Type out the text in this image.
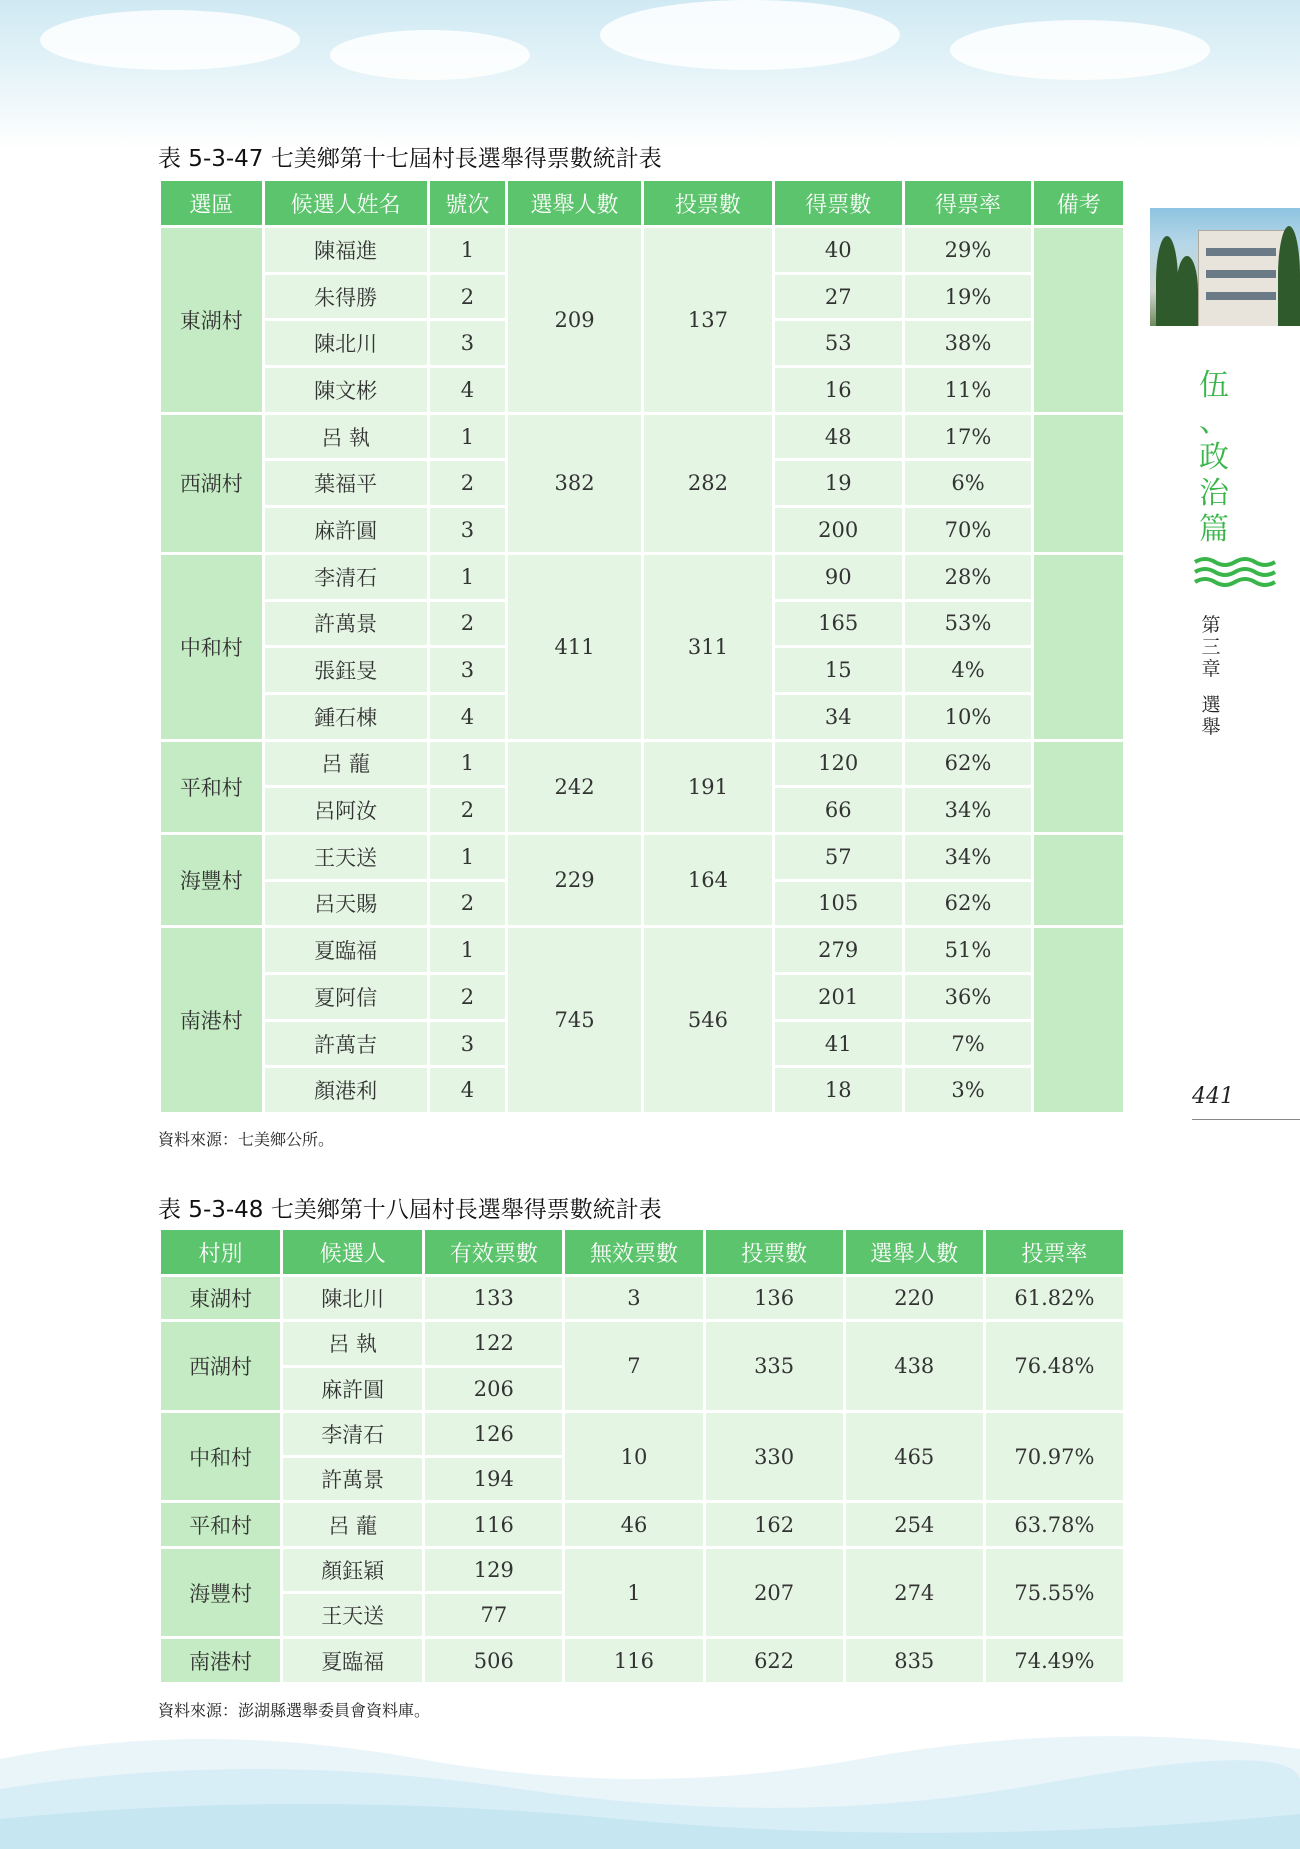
表 5-3-47 七美鄉第十七屆村長選舉得票數統計表
選區	候選人姓名	號次	選舉人數	投票數	得票數	得票率	備考
東湖村	陳福進	1	209	137	40	29%	
	朱得勝	2			27	19%	
	陳北川	3			53	38%	
	陳文彬	4			16	11%	
西湖村	呂 執	1	382	282	48	17%	
	葉福平	2			19	6%	
	麻許圓	3			200	70%	
中和村	李清石	1	411	311	90	28%	
	許萬景	2			165	53%	
	張鈺旻	3			15	4%	
	鍾石棟	4			34	10%	
平和村	呂 蘢	1	242	191	120	62%	
	呂阿汝	2			66	34%	
海豐村	王天送	1	229	164	57	34%	
	呂天賜	2			105	62%	
南港村	夏臨福	1	745	546	279	51%	
	夏阿信	2			201	36%	
	許萬吉	3			41	7%	
	顏港利	4			18	3%	
資料來源：七美鄉公所。
表 5-3-48 七美鄉第十八屆村長選舉得票數統計表
村別	候選人	有效票數	無效票數	投票數	選舉人數	投票率
東湖村	陳北川	133	3	136	220	61.82%
西湖村	呂 執	122	7	335	438	76.48%
	麻許圓	206				
中和村	李清石	126	10	330	465	70.97%
	許萬景	194				
平和村	呂 蘢	116	46	162	254	63.78%
海豐村	顏鈺穎	129	1	207	274	75.55%
	王天送	77				
南港村	夏臨福	506	116	622	835	74.49%
資料來源：澎湖縣選舉委員會資料庫。
伍
、
政
治
篇
第
三
章
選
舉
441
